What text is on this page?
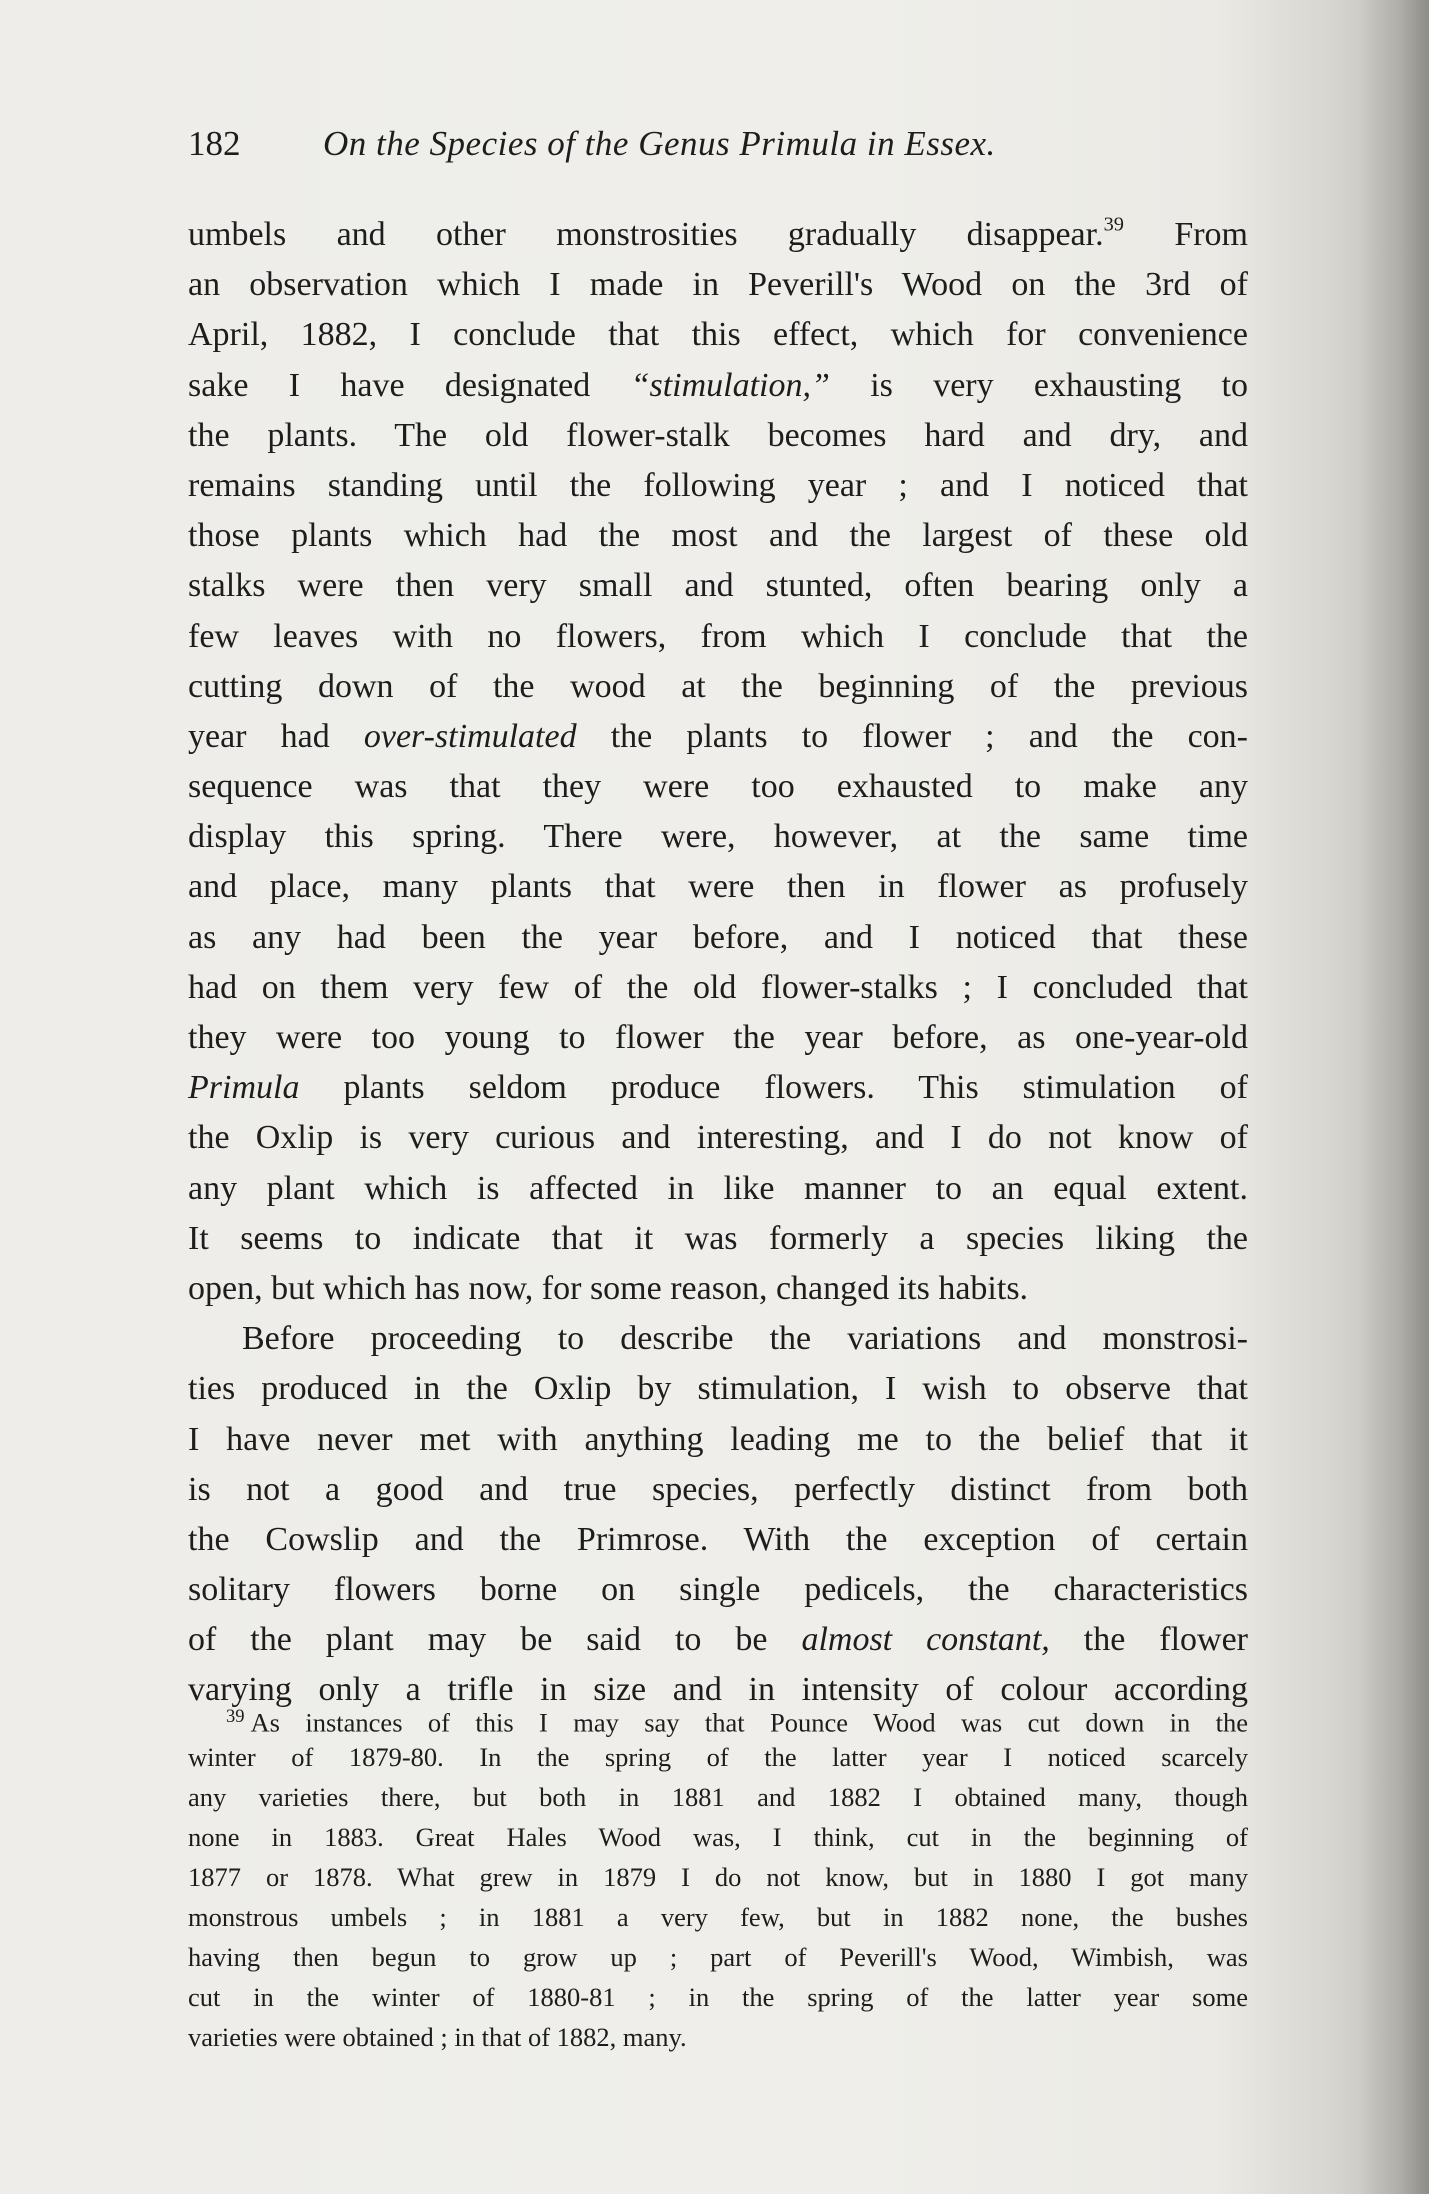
182 On the Species of the Genus Primula in Essex.
umbels and other monstrosities gradually disappear.$^{39}$ From
an observation which I made in Peverill's Wood on the 3rd of
April, 1882, I conclude that this effect, which for convenience
sake I have designated “stimulation,” is very exhausting to
the plants. The old flower-stalk becomes hard and dry, and
remains standing until the following year ; and I noticed that
those plants which had the most and the largest of these old
stalks were then very small and stunted, often bearing only a
few leaves with no flowers, from which I conclude that the
cutting down of the wood at the beginning of the previous
year had over-stimulated the plants to flower ; and the con-
sequence was that they were too exhausted to make any
display this spring. There were, however, at the same time
and place, many plants that were then in flower as profusely
as any had been the year before, and I noticed that these
had on them very few of the old flower-stalks ; I concluded that
they were too young to flower the year before, as one-year-old
Primula plants seldom produce flowers. This stimulation of
the Oxlip is very curious and interesting, and I do not know of
any plant which is affected in like manner to an equal extent.
It seems to indicate that it was formerly a species liking the
open, but which has now, for some reason, changed its habits.
Before proceeding to describe the variations and monstrosi-
ties produced in the Oxlip by stimulation, I wish to observe that
I have never met with anything leading me to the belief that it
is not a good and true species, perfectly distinct from both
the Cowslip and the Primrose. With the exception of certain
solitary flowers borne on single pedicels, the characteristics
of the plant may be said to be almost constant, the flower
varying only a trifle in size and in intensity of colour according
$^{39}$ As instances of this I may say that Pounce Wood was cut down in the
winter of 1879-80. In the spring of the latter year I noticed scarcely
any varieties there, but both in 1881 and 1882 I obtained many, though
none in 1883. Great Hales Wood was, I think, cut in the beginning of
1877 or 1878. What grew in 1879 I do not know, but in 1880 I got many
monstrous umbels ; in 1881 a very few, but in 1882 none, the bushes
having then begun to grow up ; part of Peverill's Wood, Wimbish, was
cut in the winter of 1880-81 ; in the spring of the latter year some
varieties were obtained ; in that of 1882, many.
